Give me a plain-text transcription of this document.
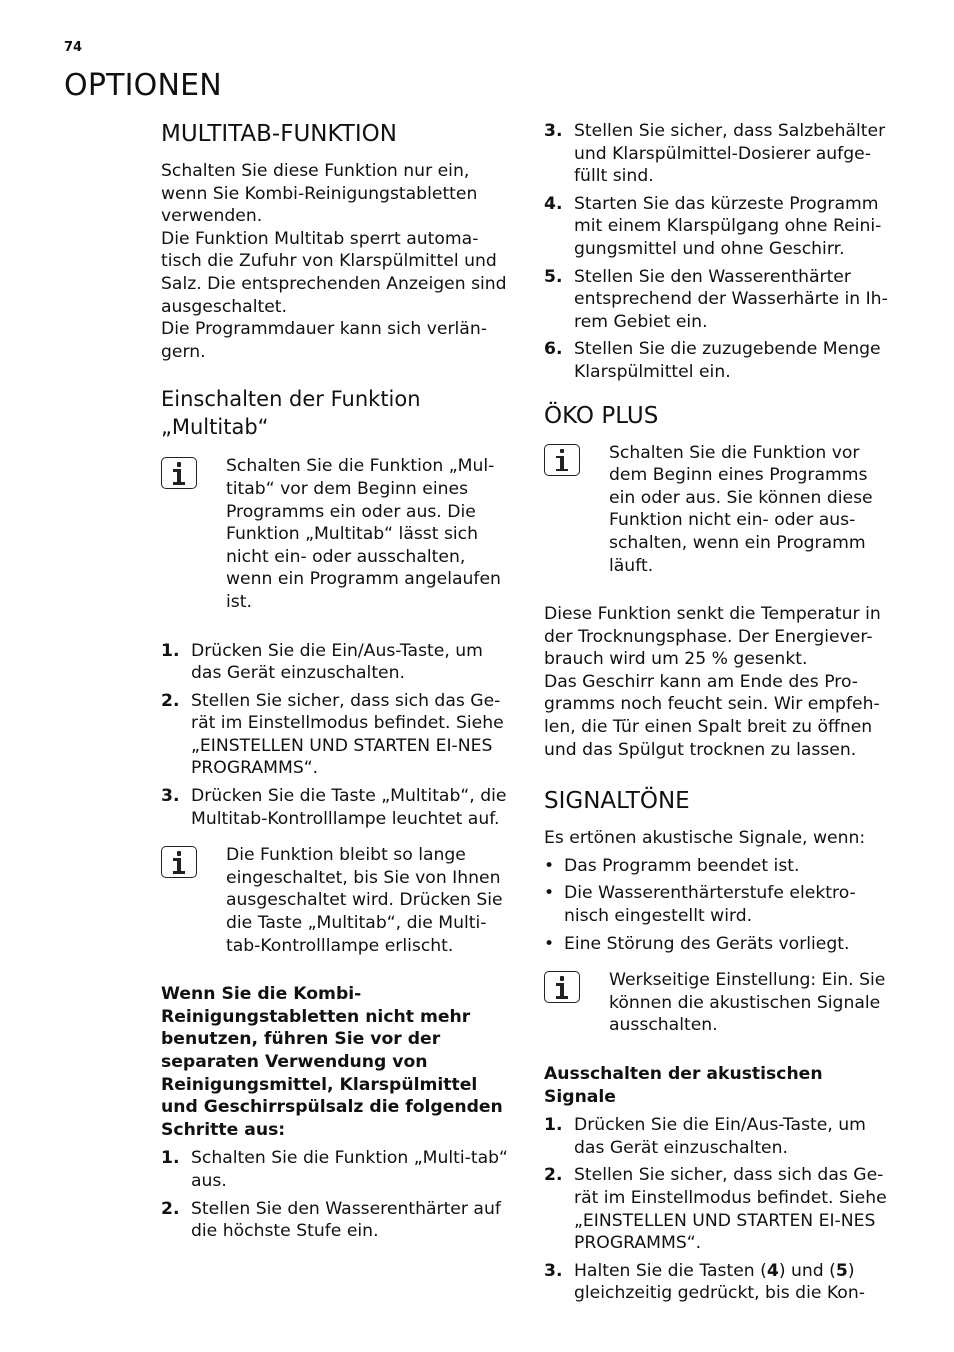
74
OPTIONEN
MULTITAB-FUNKTION

Schalten Sie diese Funktion nur ein, wenn Sie Kombi-Reinigungstabletten verwenden.

Die Funktion Multitab sperrt automa-tisch die Zufuhr von Klarspülmittel und Salz. Die entsprechenden Anzeigen sind ausgeschaltet.

Die Programmdauer kann sich verlän-gern.

Einschalten der Funktion „Multitab“
Schalten Sie die Funktion „Mul-titab“ vor dem Beginn eines Programms ein oder aus. Die Funktion „Multitab“ lässt sich nicht ein- oder ausschalten, wenn ein Programm angelaufen ist.
1. Drücken Sie die Ein/Aus-Taste, um das Gerät einzuschalten.
2. Stellen Sie sicher, dass sich das Ge-rät im Einstellmodus befindet. Siehe „EINSTELLEN UND STARTEN EI-NES PROGRAMMS“.
3. Drücken Sie die Taste „Multitab“, die Multitab-Kontrolllampe leuchtet auf.
Die Funktion bleibt so lange eingeschaltet, bis Sie von Ihnen ausgeschaltet wird. Drücken Sie die Taste „Multitab“, die Multi-tab-Kontrolllampe erlischt.

Wenn Sie die Kombi-Reinigungstabletten nicht mehr benutzen, führen Sie vor der separaten Verwendung von Reinigungsmittel, Klarspülmittel und Geschirrspülsalz die folgenden Schritte aus:

1. Schalten Sie die Funktion „Multi-tab“ aus.
2. Stellen Sie den Wasserenthärter auf die höchste Stufe ein.
3. Stellen Sie sicher, dass Salzbehälter und Klarspülmittel-Dosierer aufge-füllt sind.
4. Starten Sie das kürzeste Programm mit einem Klarspülgang ohne Reini-gungsmittel und ohne Geschirr.
5. Stellen Sie den Wasserenthärter entsprechend der Wasserhärte in Ih-rem Gebiet ein.
6. Stellen Sie die zuzugebende Menge Klarspülmittel ein.
ÖKO PLUS
Schalten Sie die Funktion vor dem Beginn eines Programms ein oder aus. Sie können diese Funktion nicht ein- oder aus-schalten, wenn ein Programm läuft.

Diese Funktion senkt die Temperatur in der Trocknungsphase. Der Energiever-brauch wird um 25 % gesenkt.

Das Geschirr kann am Ende des Pro-gramms noch feucht sein. Wir empfeh-len, die Tür einen Spalt breit zu öffnen und das Spülgut trocknen zu lassen.

SIGNALTÖNE

Es ertönen akustische Signale, wenn:

• Das Programm beendet ist.
• Die Wasserenthärterstufe elektro-nisch eingestellt wird.
• Eine Störung des Geräts vorliegt.
Werkseitige Einstellung: Ein. Sie können die akustischen Signale ausschalten.

Ausschalten der akustischen Signale

1. Drücken Sie die Ein/Aus-Taste, um das Gerät einzuschalten.
2. Stellen Sie sicher, dass sich das Ge-rät im Einstellmodus befindet. Siehe „EINSTELLEN UND STARTEN EI-NES PROGRAMMS“.
3. Halten Sie die Tasten (4) und (5) gleichzeitig gedrückt, bis die Kon-
